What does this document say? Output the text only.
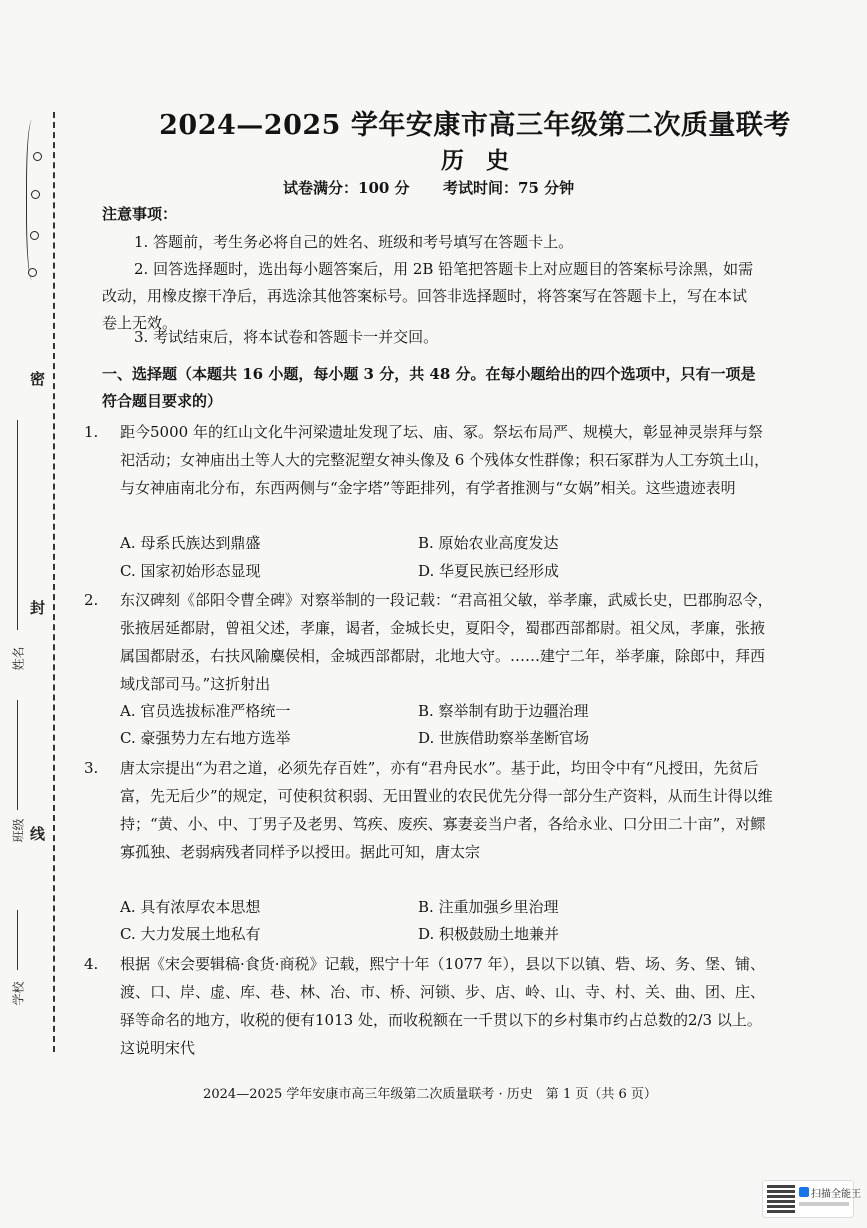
密
封
线
学校
班级
姓名
2024—2025 学年安康市高三年级第二次质量联考
历史
试卷满分：100 分 考试时间：75 分钟
注意事项：
1. 答题前，考生务必将自己的姓名、班级和考号填写在答题卡上。
2. 回答选择题时，选出每小题答案后，用 2B 铅笔把答题卡上对应题目的答案标号涂黑，如需改动，用橡皮擦干净后，再选涂其他答案标号。回答非选择题时，将答案写在答题卡上，写在本试卷上无效。
3. 考试结束后，将本试卷和答题卡一并交回。
一、选择题（本题共 16 小题，每小题 3 分，共 48 分。在每小题给出的四个选项中，只有一项是符合题目要求的）
1. 距今5000 年的红山文化牛河梁遗址发现了坛、庙、冢。祭坛布局严、规模大，彰显神灵崇拜与祭祀活动；女神庙出土等人大的完整泥塑女神头像及 6 个残体女性群像；积石冢群为人工夯筑土山，与女神庙南北分布，东西两侧与“金字塔”等距排列，有学者推测与“女娲”相关。这些遗迹表明
A. 母系氏族达到鼎盛	B. 原始农业高度发达
C. 国家初始形态显现	D. 华夏民族已经形成
2. 东汉碑刻《郃阳令曹全碑》对察举制的一段记载：“君高祖父敏，举孝廉，武威长史，巴郡朐忍令，张掖居延都尉，曾祖父述，孝廉，谒者，金城长史，夏阳令，蜀郡西部都尉。祖父凤，孝廉，张掖属国都尉丞，右扶风隃麋侯相，金城西部都尉，北地大守。……建宁二年，举孝廉，除郎中，拜西域戊部司马。”这折射出
A. 官员选拔标准严格统一	B. 察举制有助于边疆治理
C. 豪强势力左右地方选举	D. 世族借助察举垄断官场
3. 唐太宗提出“为君之道，必须先存百姓”，亦有“君舟民水”。基于此，均田令中有“凡授田，先贫后富，先无后少”的规定，可使积贫积弱、无田置业的农民优先分得一部分生产资料，从而生计得以维持；“黄、小、中、丁男子及老男、笃疾、废疾、寡妻妾当户者，各给永业、口分田二十亩”，对鳏寡孤独、老弱病残者同样予以授田。据此可知，唐太宗
A. 具有浓厚农本思想	B. 注重加强乡里治理
C. 大力发展土地私有	D. 积极鼓励土地兼并
4. 根据《宋会要辑稿·食货·商税》记载，熙宁十年（1077 年），县以下以镇、砦、场、务、堡、铺、渡、口、岸、虚、库、巷、林、冶、市、桥、河锁、步、店、岭、山、寺、村、关、曲、团、庄、驿等命名的地方，收税的便有1013 处，而收税额在一千贯以下的乡村集市约占总数的2/3 以上。这说明宋代
2024—2025 学年安康市高三年级第二次质量联考 · 历史　第 1 页（共 6 页）
扫描全能王
